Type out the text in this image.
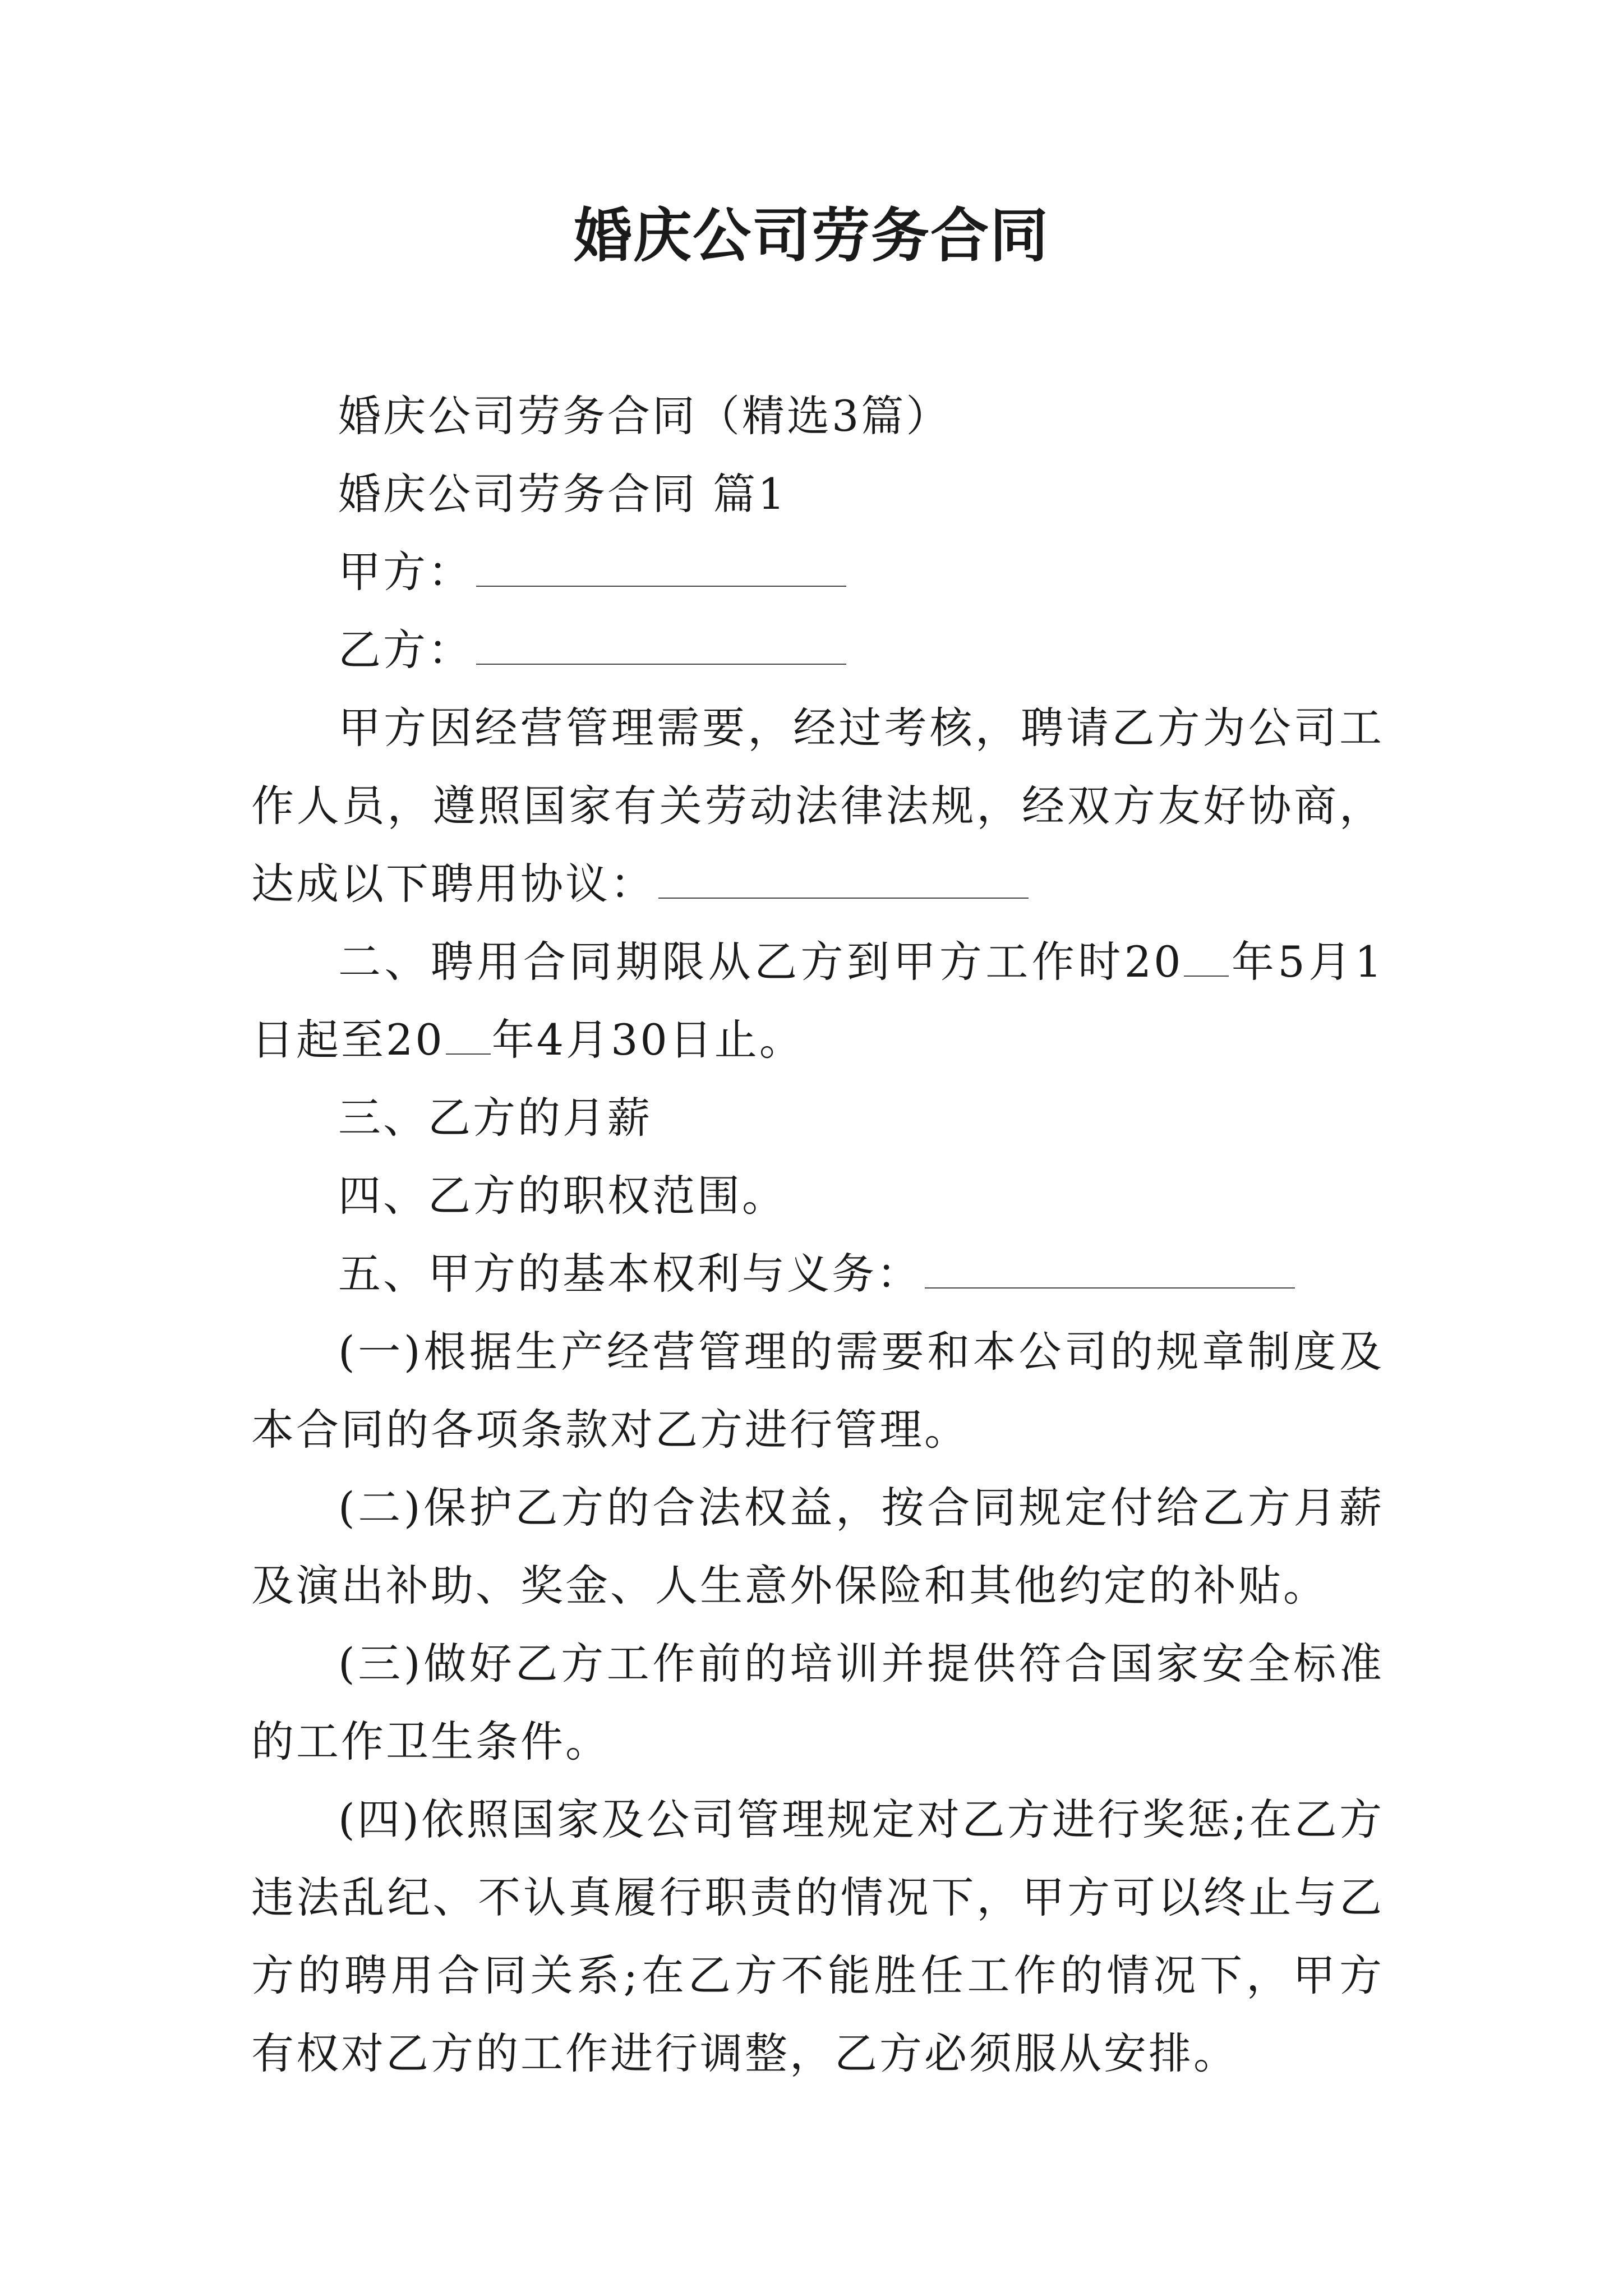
婚庆公司劳务合同

婚庆公司劳务合同（精选3篇）

婚庆公司劳务合同 篇1

甲方：

乙方：

甲方因经营管理需要，经过考核，聘请乙方为公司工作人员，遵照国家有关劳动法律法规，经双方友好协商，达成以下聘用协议：

二、聘用合同期限从乙方到甲方工作时20 年5月1日起至20 年4月30日止。

三、乙方的月薪

四、乙方的职权范围。

五、甲方的基本权利与义务：

(一)根据生产经营管理的需要和本公司的规章制度及本合同的各项条款对乙方进行管理。

(二)保护乙方的合法权益，按合同规定付给乙方月薪及演出补助、奖金、人生意外保险和其他约定的补贴。

(三)做好乙方工作前的培训并提供符合国家安全标准的工作卫生条件。

(四)依照国家及公司管理规定对乙方进行奖惩;在乙方违法乱纪、不认真履行职责的情况下，甲方可以终止与乙方的聘用合同关系;在乙方不能胜任工作的情况下，甲方有权对乙方的工作进行调整，乙方必须服从安排。
